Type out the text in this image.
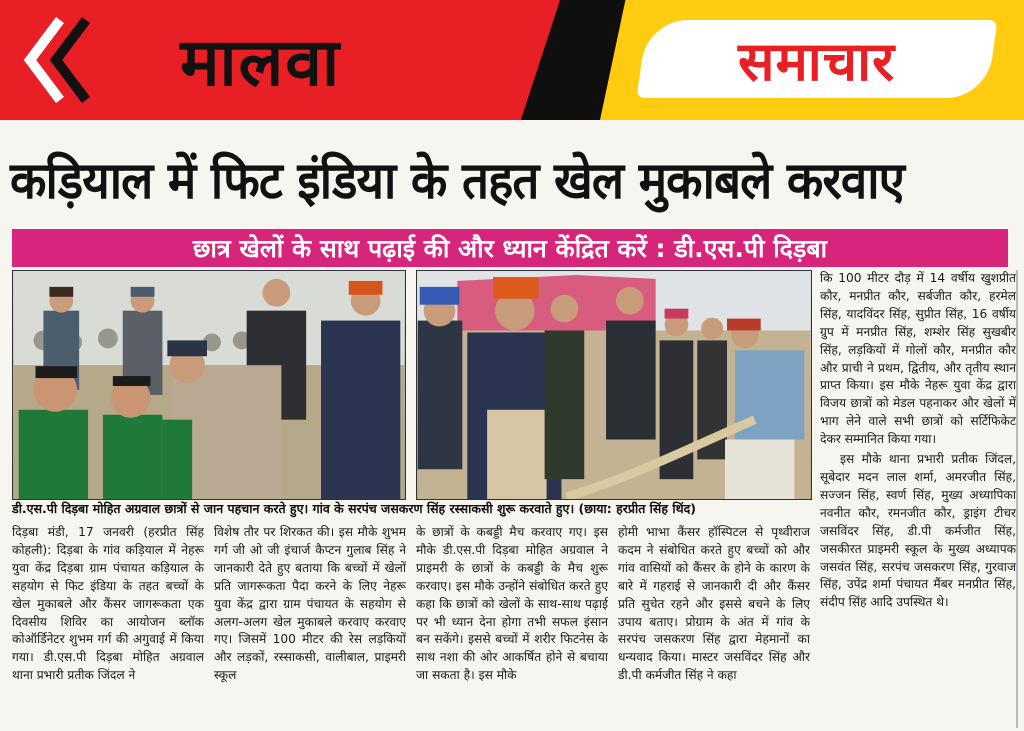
मालवा	समाचार
कड़ियाल में फिट इंडिया के तहत खेल मुकाबले करवाए
छात्र खेलों के साथ पढ़ाई की और ध्यान केंद्रित करें : डी.एस.पी दिड़बा
डी.एस.पी दिड़बा मोहित अग्रवाल छात्रों से जान पहचान करते हुए। गांव के सरपंच जसकरण सिंह रस्साकसी शुरू करवाते हुए। (छाया: हरप्रीत सिंह थिंद)
दिड़बा मंडी, 17 जनवरी (हरप्रीत सिंह कोहली): दिड़बा के गांव कड़ियाल में नेहरू युवा केंद्र दिड़बा ग्राम पंचायत कड़ियाल के सहयोग से फिट इंडिया के तहत बच्चों के खेल मुकाबले और कैंसर जागरूकता एक दिवसीय शिविर का आयोजन ब्लॉक कोऑर्डिनेटर शुभम गर्ग की अगुवाई में किया गया। डी.एस.पी दिड़बा मोहित अग्रवाल थाना प्रभारी प्रतीक जिंदल ने
विशेष तौर पर शिरकत की। इस मौके शुभम गर्ग जी ओ जी इंचार्ज कैप्टन गुलाब सिंह ने जानकारी देते हुए बताया कि बच्चों में खेलों प्रति जागरूकता पैदा करने के लिए नेहरू युवा केंद्र द्वारा ग्राम पंचायत के सहयोग से अलग-अलग खेल मुकाबले करवाए करवाए गए। जिसमें 100 मीटर की रेस लड़कियों और लड़कों, रस्साकसी, वालीबाल, प्राइमरी स्कूल
के छात्रों के कबड्डी मैच करवाए गए। इस मौके डी.एस.पी दिड़बा मोहित अग्रवाल ने प्राइमरी के छात्रों के कबड्डी के मैच शुरू करवाए। इस मौके उन्होंने संबोधित करते हुए कहा कि छात्रों को खेलों के साथ-साथ पढ़ाई पर भी ध्यान देना होगा तभी सफल इंसान बन सकेंगे। इससे बच्चों में शरीर फिटनेस के साथ नशा की ओर आकर्षित होने से बचाया जा सकता है। इस मौके
होमी भाभा कैंसर हॉस्पिटल से पृथ्वीराज कदम ने संबोधित करते हुए बच्चों को और गांव वासियों को कैंसर के होने के कारण के बारे में गहराई से जानकारी दी और कैंसर प्रति सुचेत रहने और इससे बचने के लिए उपाय बताए। प्रोग्राम के अंत में गांव के सरपंच जसकरण सिंह द्वारा मेहमानों का धन्यवाद किया। मास्टर जसविंदर सिंह और डी.पी कर्मजीत सिंह ने कहा

कि 100 मीटर दौड़ में 14 वर्षीय खुशप्रीत कौर, मनप्रीत कौर, सर्बजीत कौर, हरमेल सिंह, यादविंदर सिंह, सुप्रीत सिंह, 16 वर्षीय ग्रुप में मनप्रीत सिंह, शम्शेर सिंह सुखबीर सिंह, लड़कियों में गोलों कौर, मनप्रीत कौर और प्राची ने प्रथम, द्वितीय, और तृतीय स्थान प्राप्त किया। इस मौके नेहरू युवा केंद्र द्वारा विजय छात्रों को मेडल पहनाकर और खेलों में भाग लेने वाले सभी छात्रों को सर्टिफिकेट देकर सम्मानित किया गया।

इस मौके थाना प्रभारी प्रतीक जिंदल, सूबेदार मदन लाल शर्मा, अमरजीत सिंह, सज्जन सिंह, स्वर्ण सिंह, मुख्य अध्यापिका नवनीत कौर, रमनजीत कौर, ड्राइंग टीचर जसविंदर सिंह, डी.पी कर्मजीत सिंह, जसकीरत प्राइमरी स्कूल के मुख्य अध्यापक जसवंत सिंह, सरपंच जसकरण सिंह, गुरवाज सिंह, उपेंद्र शर्मा पंचायत मैंबर मनप्रीत सिंह, संदीप सिंह आदि उपस्थित थे।
